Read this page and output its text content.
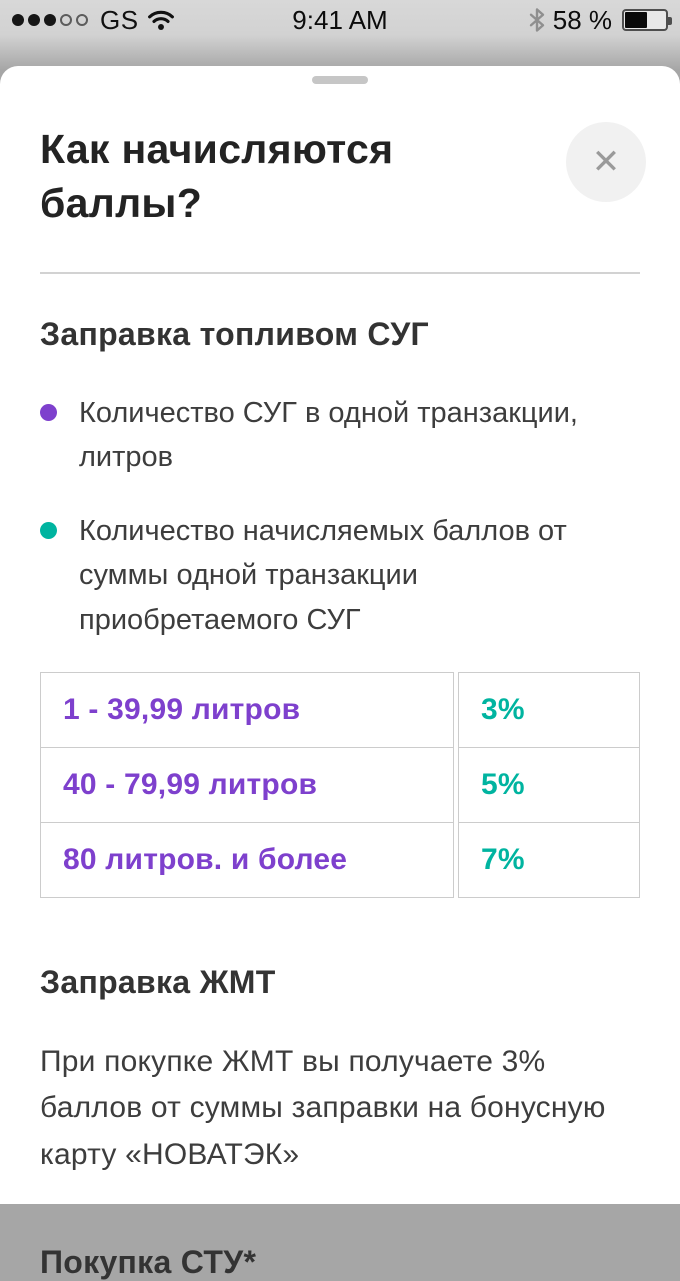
GS	9:41 AM	58 %
Как начисляются баллы?
✕
Заправка топливом СУГ
Количество СУГ в одной транзакции, литров
Количество начисляемых баллов от суммы одной транзакции приобретаемого СУГ
1 - 39,99 литров
40 - 79,99 литров
80 литров. и более
3%
5%
7%
Заправка ЖМТ

При покупке ЖМТ вы получаете 3% баллов от суммы заправки на бонусную карту «НОВАТЭК»

Покупка СТУ*
